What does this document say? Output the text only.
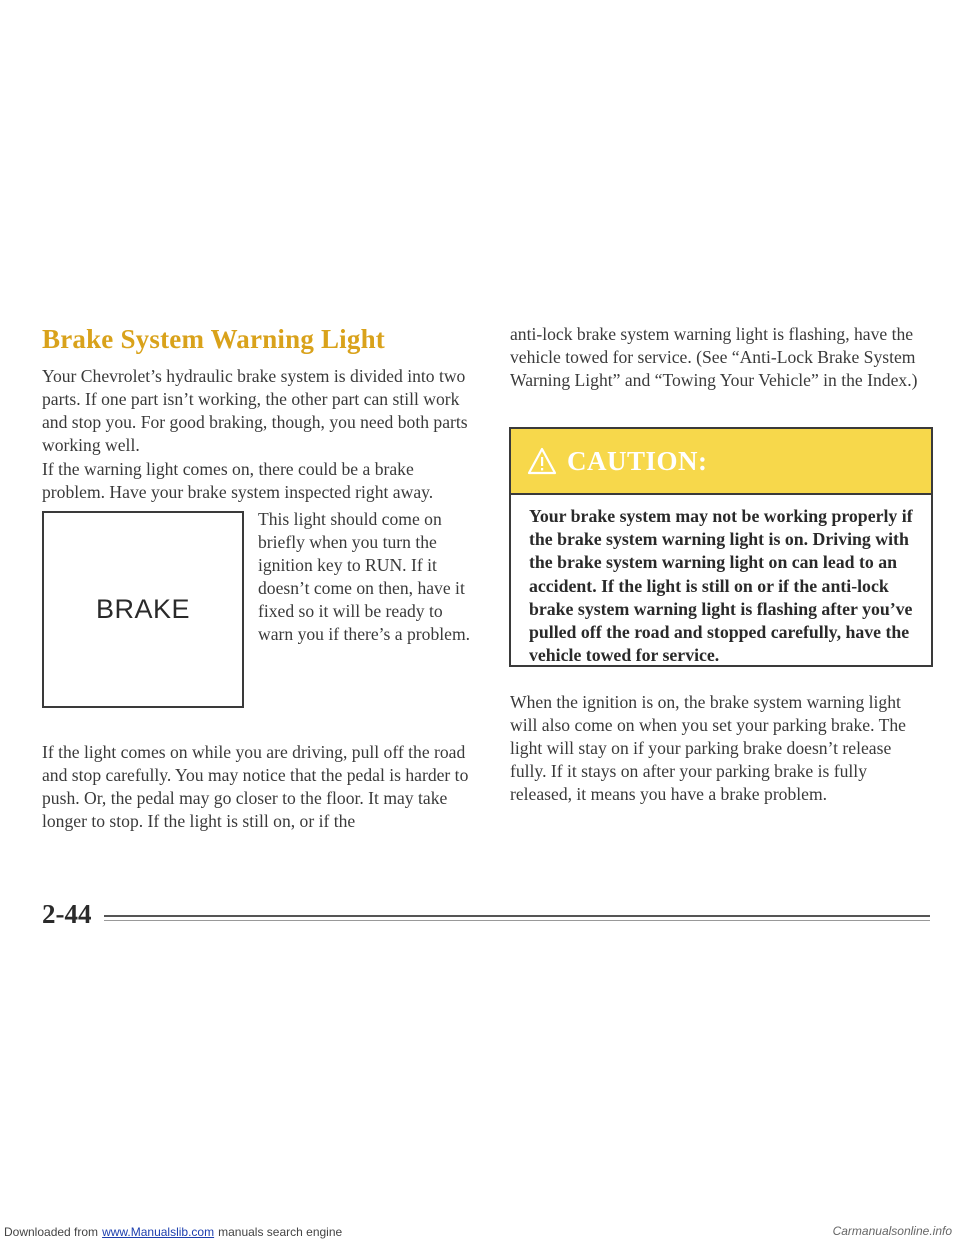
Brake System Warning Light

Your Chevrolet’s hydraulic brake system is divided into two parts. If one part isn’t working, the other part can still work and stop you. For good braking, though, you need both parts working well.

If the warning light comes on, there could be a brake problem. Have your brake system inspected right away.

BRAKE

This light should come on briefly when you turn the ignition key to RUN. If it doesn’t come on then, have it fixed so it will be ready to warn you if there’s a problem.

If the light comes on while you are driving, pull off the road and stop carefully. You may notice that the pedal is harder to push. Or, the pedal may go closer to the floor. It may take longer to stop. If the light is still on, or if the

anti-lock brake system warning light is flashing, have the vehicle towed for service. (See “Anti-Lock Brake System Warning Light” and “Towing Your Vehicle” in the Index.)

CAUTION:

Your brake system may not be working properly if the brake system warning light is on. Driving with the brake system warning light on can lead to an accident. If the light is still on or if the anti-lock brake system warning light is flashing after you’ve pulled off the road and stopped carefully, have the vehicle towed for service.

When the ignition is on, the brake system warning light will also come on when you set your parking brake. The light will stay on if your parking brake doesn’t release fully. If it stays on after your parking brake is fully released, it means you have a brake problem.

2-44
Downloaded from www.Manualslib.com manuals search engine	Carmanualsonline.info
